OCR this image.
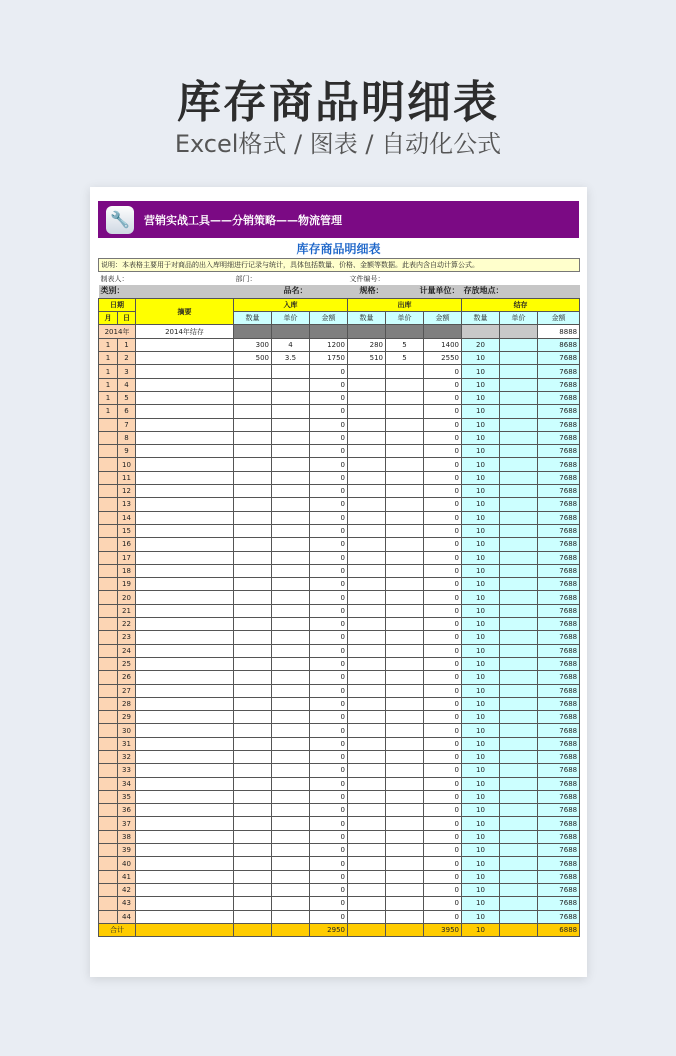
库存商品明细表
Excel格式 / 图表 / 自动化公式
🔧	营销实战工具——分销策略——物流管理
库存商品明细表
说明：本表格主要用于对商品的出入库明细进行记录与统计，具体包括数量、价格、金额等数据。此表内含自动计算公式。											
制表人：			部门：			文件编号：					
类别：		品名：			规格：		计量单位：		存放地点：		
日期		摘要	入库			出库			结存		
月	日		数量	单价	金额	数量	单价	金额	数量	单价	金额
2014年		2014年结存									8888
1	1		300	4	1200	280	5	1400	20		8688
1	2		500	3.5	1750	510	5	2550	10		7688
1	3				0			0	10		7688
1	4				0			0	10		7688
1	5				0			0	10		7688
1	6				0			0	10		7688
	7				0			0	10		7688
	8				0			0	10		7688
	9				0			0	10		7688
	10				0			0	10		7688
	11				0			0	10		7688
	12				0			0	10		7688
	13				0			0	10		7688
	14				0			0	10		7688
	15				0			0	10		7688
	16				0			0	10		7688
	17				0			0	10		7688
	18				0			0	10		7688
	19				0			0	10		7688
	20				0			0	10		7688
	21				0			0	10		7688
	22				0			0	10		7688
	23				0			0	10		7688
	24				0			0	10		7688
	25				0			0	10		7688
	26				0			0	10		7688
	27				0			0	10		7688
	28				0			0	10		7688
	29				0			0	10		7688
	30				0			0	10		7688
	31				0			0	10		7688
	32				0			0	10		7688
	33				0			0	10		7688
	34				0			0	10		7688
	35				0			0	10		7688
	36				0			0	10		7688
	37				0			0	10		7688
	38				0			0	10		7688
	39				0			0	10		7688
	40				0			0	10		7688
	41				0			0	10		7688
	42				0			0	10		7688
	43				0			0	10		7688
	44				0			0	10		7688
合计					2950			3950	10		6888
